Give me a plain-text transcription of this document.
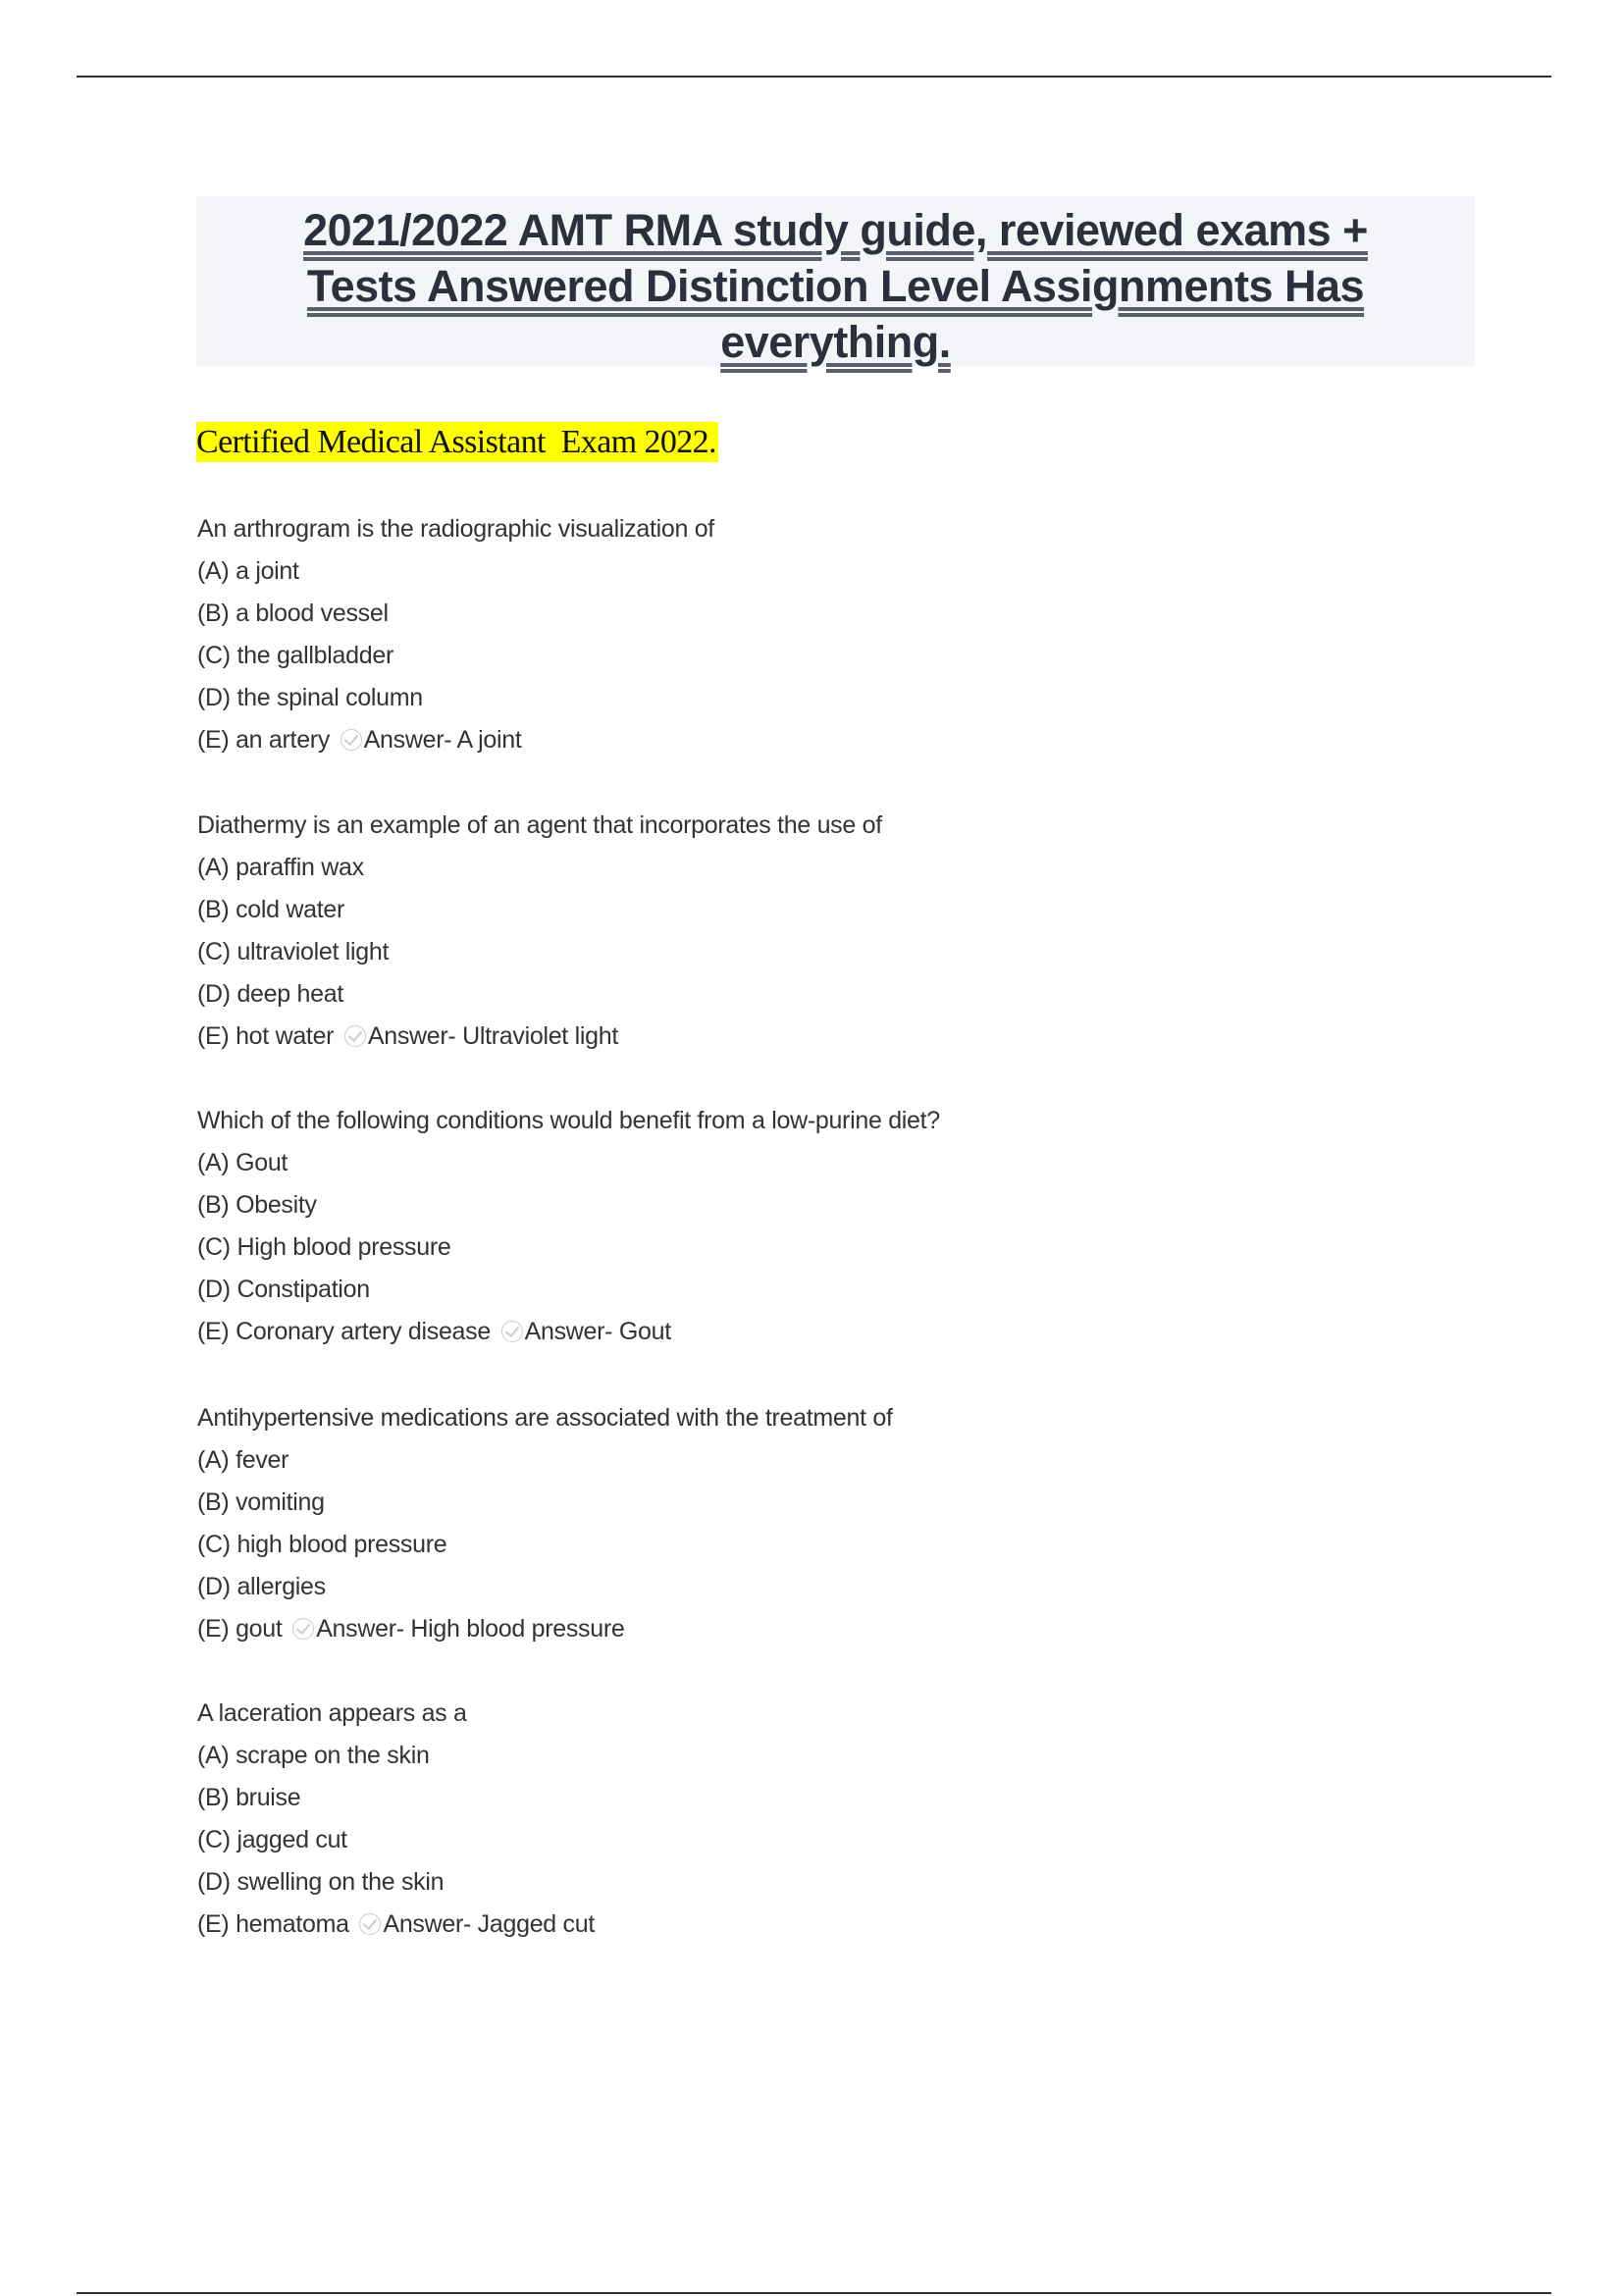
2021/2022 AMT RMA study guide, reviewed exams +
Tests Answered Distinction Level Assignments Has
everything.
Certified Medical Assistant  Exam 2022.
An arthrogram is the radiographic visualization of
(A) a joint
(B) a blood vessel
(C) the gallbladder
(D) the spinal column
(E) an artery Answer- A joint
Diathermy is an example of an agent that incorporates the use of
(A) paraffin wax
(B) cold water
(C) ultraviolet light
(D) deep heat
(E) hot water Answer- Ultraviolet light
Which of the following conditions would benefit from a low-purine diet?
(A) Gout
(B) Obesity
(C) High blood pressure
(D) Constipation
(E) Coronary artery disease Answer- Gout
Antihypertensive medications are associated with the treatment of
(A) fever
(B) vomiting
(C) high blood pressure
(D) allergies
(E) gout Answer- High blood pressure
A laceration appears as a
(A) scrape on the skin
(B) bruise
(C) jagged cut
(D) swelling on the skin
(E) hematoma Answer- Jagged cut
